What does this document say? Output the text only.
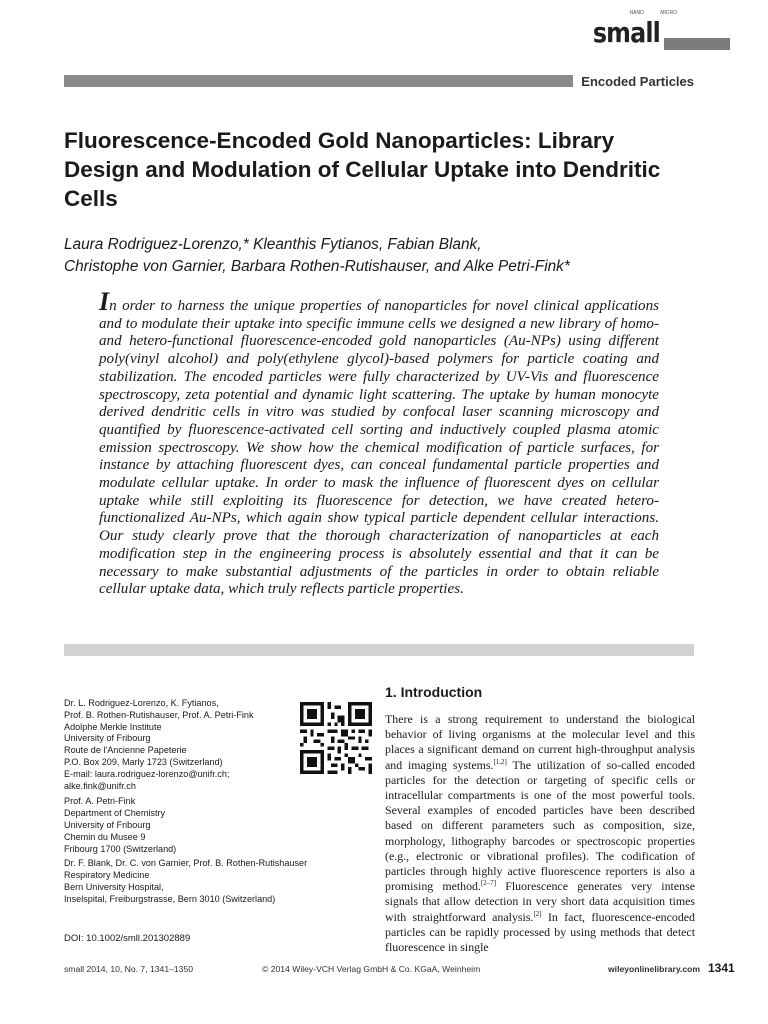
NANO	MICRO
small
Encoded Particles
Fluorescence-Encoded Gold Nanoparticles: Library Design and Modulation of Cellular Uptake into Dendritic Cells
Laura Rodriguez-Lorenzo,* Kleanthis Fytianos, Fabian Blank,
Christophe von Garnier, Barbara Rothen-Rutishauser, and Alke Petri-Fink*
In order to harness the unique properties of nanoparticles for novel clinical applications and to modulate their uptake into specific immune cells we designed a new library of homo- and hetero-functional fluorescence-encoded gold nanoparticles (Au-NPs) using different poly(vinyl alcohol) and poly(ethylene glycol)-based polymers for particle coating and stabilization. The encoded particles were fully characterized by UV-Vis and fluorescence spectroscopy, zeta potential and dynamic light scattering. The uptake by human monocyte derived dendritic cells in vitro was studied by confocal laser scanning microscopy and quantified by fluorescence-activated cell sorting and inductively coupled plasma atomic emission spectroscopy. We show how the chemical modification of particle surfaces, for instance by attaching fluorescent dyes, can conceal fundamental particle properties and modulate cellular uptake. In order to mask the influence of fluorescent dyes on cellular uptake while still exploiting its fluorescence for detection, we have created hetero-functionalized Au-NPs, which again show typical particle dependent cellular interactions. Our study clearly prove that the thorough characterization of nanoparticles at each modification step in the engineering process is absolutely essential and that it can be necessary to make substantial adjustments of the particles in order to obtain reliable cellular uptake data, which truly reflects particle properties.

Dr. L. Rodriguez-Lorenzo, K. Fytianos,
Prof. B. Rothen-Rutishauser, Prof. A. Petri-Fink
Adolphe Merkle Institute
University of Fribourg
Route de l'Ancienne Papeterie
P.O. Box 209, Marly 1723 (Switzerland)
E-mail: laura.rodriguez-lorenzo@unifr.ch;
alke.fink@unifr.ch

Prof. A. Petri-Fink
Department of Chemistry
University of Fribourg
Chemin du Musee 9
Fribourg 1700 (Switzerland)

Dr. F. Blank, Dr. C. von Garnier, Prof. B. Rothen-Rutishauser
Respiratory Medicine
Bern University Hospital,
Inselspital, Freiburgstrasse, Bern 3010 (Switzerland)

DOI: 10.1002/smll.201302889
1. Introduction
There is a strong requirement to understand the biological behavior of living organisms at the molecular level and this places a significant demand on current high-throughput analysis and imaging systems.[1,2] The utilization of so-called encoded particles for the detection or targeting of specific cells or intracellular compartments is one of the most powerful tools. Several examples of encoded particles have been described based on different parameters such as composition, size, morphology, lithography barcodes or spectroscopic properties (e.g., electronic or vibrational profiles). The codification of particles through highly active fluorescence reporters is also a promising method.[2–7] Fluorescence generates very intense signals that allow detection in very short data acquisition times with straightforward analysis.[2] In fact, fluorescence-encoded particles can be rapidly processed by using methods that detect fluorescence in single
small 2014, 10, No. 7, 1341–1350	© 2014 Wiley-VCH Verlag GmbH & Co. KGaA, Weinheim	wileyonlinelibrary.com 1341
